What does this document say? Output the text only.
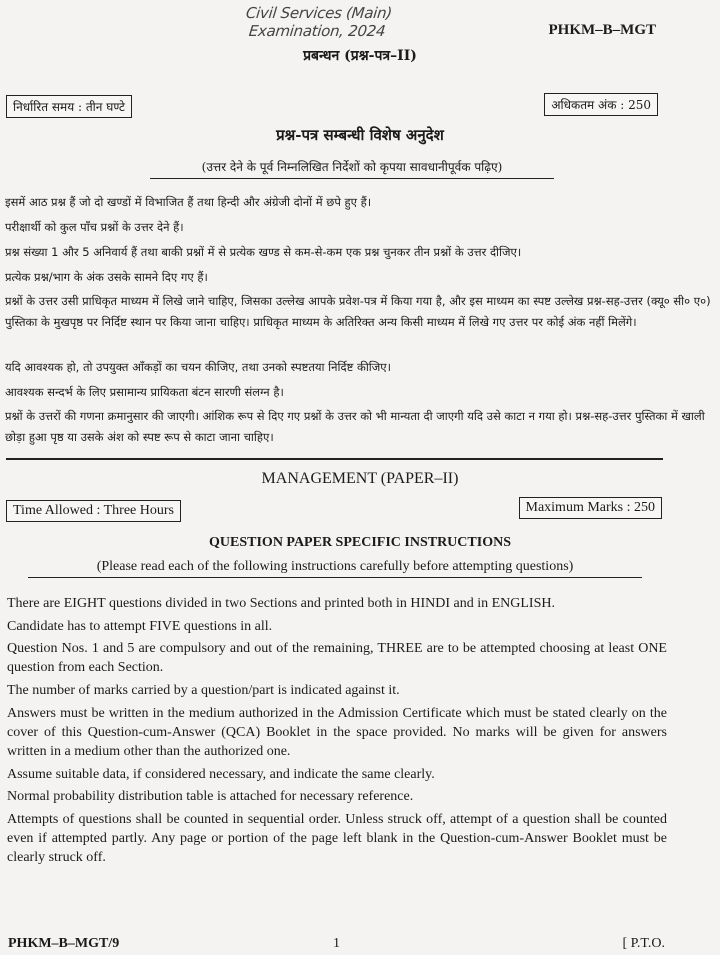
Civil Services (Main) Examination, 2024	PHKM–B–MGT
प्रबन्धन (प्रश्न-पत्र–II)
निर्धारित समय : तीन घण्टे	अधिकतम अंक : 250
प्रश्न-पत्र सम्बन्धी विशेष अनुदेश
(उत्तर देने के पूर्व निम्नलिखित निर्देशों को कृपया सावधानीपूर्वक पढ़िए)
इसमें आठ प्रश्न हैं जो दो खण्डों में विभाजित हैं तथा हिन्दी और अंग्रेजी दोनों में छपे हुए हैं।
परीक्षार्थी को कुल पाँच प्रश्नों के उत्तर देने हैं।
प्रश्न संख्या 1 और 5 अनिवार्य हैं तथा बाकी प्रश्नों में से प्रत्येक खण्ड से कम-से-कम एक प्रश्न चुनकर तीन प्रश्नों के उत्तर दीजिए।
प्रत्येक प्रश्न/भाग के अंक उसके सामने दिए गए हैं।
प्रश्नों के उत्तर उसी प्राधिकृत माध्यम में लिखे जाने चाहिए, जिसका उल्लेख आपके प्रवेश-पत्र में किया गया है, और इस माध्यम का स्पष्ट उल्लेख प्रश्न-सह-उत्तर (क्यू० सी० ए०) पुस्तिका के मुखपृष्ठ पर निर्दिष्ट स्थान पर किया जाना चाहिए। प्राधिकृत माध्यम के अतिरिक्त अन्य किसी माध्यम में लिखे गए उत्तर पर कोई अंक नहीं मिलेंगे।
यदि आवश्यक हो, तो उपयुक्त आँकड़ों का चयन कीजिए, तथा उनको स्पष्टतया निर्दिष्ट कीजिए।
आवश्यक सन्दर्भ के लिए प्रसामान्य प्रायिकता बंटन सारणी संलग्न है।
प्रश्नों के उत्तरों की गणना क्रमानुसार की जाएगी। आंशिक रूप से दिए गए प्रश्नों के उत्तर को भी मान्यता दी जाएगी यदि उसे काटा न गया हो। प्रश्न-सह-उत्तर पुस्तिका में खाली छोड़ा हुआ पृष्ठ या उसके अंश को स्पष्ट रूप से काटा जाना चाहिए।
MANAGEMENT (PAPER–II)
Time Allowed : Three Hours	Maximum Marks : 250
QUESTION PAPER SPECIFIC INSTRUCTIONS
(Please read each of the following instructions carefully before attempting questions)

There are EIGHT questions divided in two Sections and printed both in HINDI and in ENGLISH.

Candidate has to attempt FIVE questions in all.

Question Nos. 1 and 5 are compulsory and out of the remaining, THREE are to be attempted choosing at least ONE question from each Section.

The number of marks carried by a question/part is indicated against it.

Answers must be written in the medium authorized in the Admission Certificate which must be stated clearly on the cover of this Question-cum-Answer (QCA) Booklet in the space provided. No marks will be given for answers written in a medium other than the authorized one.

Assume suitable data, if considered necessary, and indicate the same clearly.

Normal probability distribution table is attached for necessary reference.

Attempts of questions shall be counted in sequential order. Unless struck off, attempt of a question shall be counted even if attempted partly. Any page or portion of the page left blank in the Question-cum-Answer Booklet must be clearly struck off.

PHKM–B–MGT/9	1	[ P.T.O.
